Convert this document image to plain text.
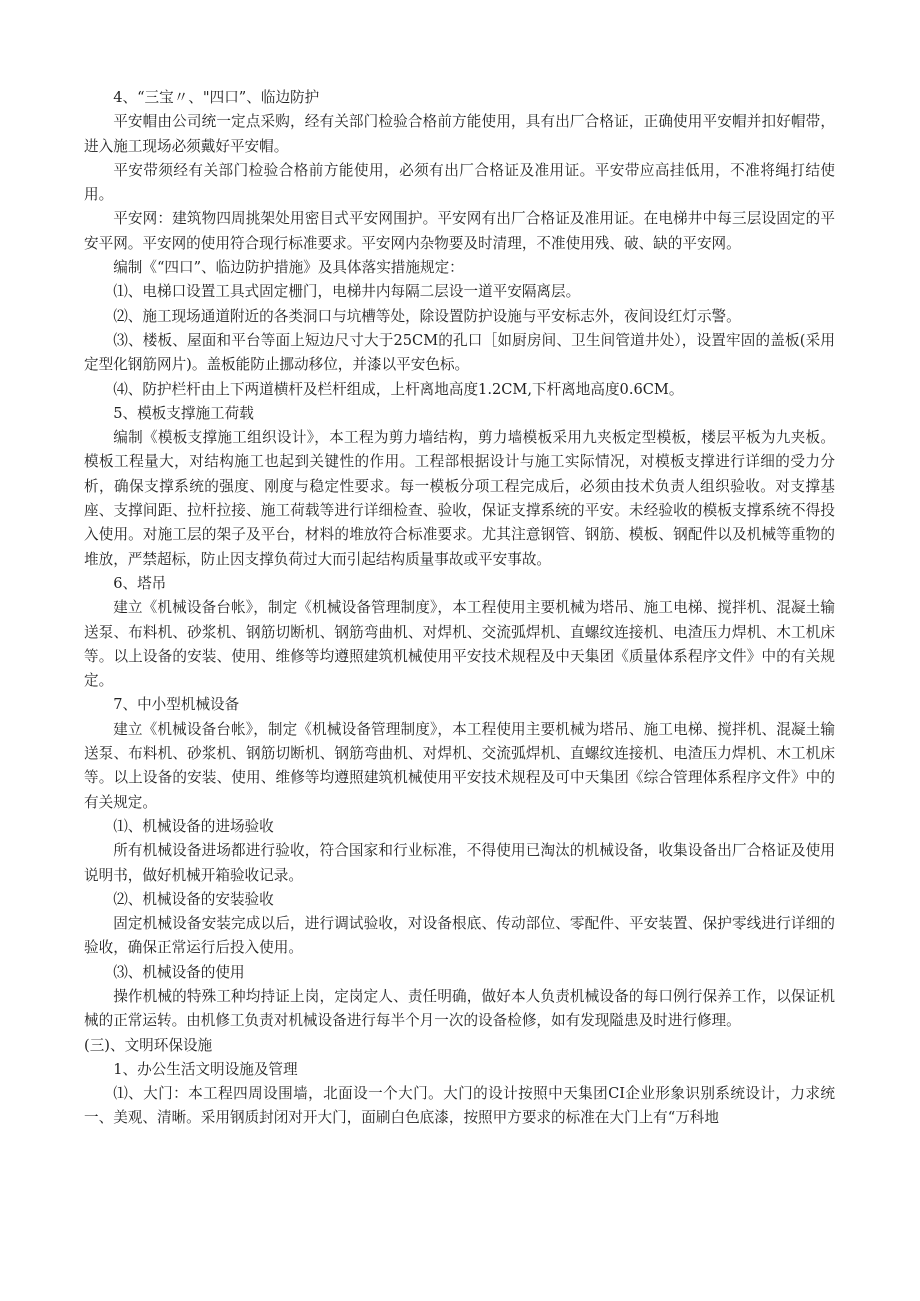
4、“三宝〃、"四口”、临边防护

平安帽由公司统一定点采购，经有关部门检验合格前方能使用，具有出厂合格证，正确使用平安帽并扣好帽带，进入施工现场必须戴好平安帽。

平安带须经有关部门检验合格前方能使用，必须有出厂合格证及准用证。平安带应高挂低用，不准将绳打结使用。

平安网：建筑物四周挑架处用密目式平安网围护。平安网有出厂合格证及准用证。在电梯井中每三层设固定的平安平网。平安网的使用符合现行标准要求。平安网内杂物要及时清理，不准使用残、破、缺的平安网。

编制《“四口”、临边防护措施》及具体落实措施规定：

⑴、电梯口设置工具式固定栅门，电梯井内每隔二层设一道平安隔离层。

⑵、施工现场通道附近的各类洞口与坑槽等处，除设置防护设施与平安标志外，夜间设红灯示警。

⑶、楼板、屋面和平台等面上短边尺寸大于25CM的孔口［如厨房间、卫生间管道井处），设置牢固的盖板(采用定型化钢筋网片)。盖板能防止挪动移位，并漆以平安色标。

⑷、防护栏杆由上下两道横杆及栏杆组成，上杆离地高度1.2CM,下杆离地高度0.6CM。

5、模板支撑施工荷载

编制《模板支撑施工组织设计》，本工程为剪力墙结构，剪力墙模板采用九夹板定型模板，楼层平板为九夹板。模板工程量大，对结构施工也起到关键性的作用。工程部根据设计与施工实际情况，对模板支撑进行详细的受力分析，确保支撑系统的强度、刚度与稳定性要求。每一模板分项工程完成后，必须由技术负责人组织验收。对支撑基座、支撑间距、拉杆拉接、施工荷载等进行详细检查、验收，保证支撑系统的平安。未经验收的模板支撑系统不得投入使用。对施工层的架子及平台，材料的堆放符合标准要求。尤其注意钢管、钢筋、模板、钢配件以及机械等重物的堆放，严禁超标，防止因支撑负荷过大而引起结构质量事故或平安事故。

6、塔吊

建立《机械设备台帐》，制定《机械设备管理制度》，本工程使用主要机械为塔吊、施工电梯、搅拌机、混凝土输送泵、布料机、砂浆机、钢筋切断机、钢筋弯曲机、对焊机、交流弧焊机、直螺纹连接机、电渣压力焊机、木工机床等。以上设备的安装、使用、维修等均遵照建筑机械使用平安技术规程及中天集团《质量体系程序文件》中的有关规定。

7、中小型机械设备

建立《机械设备台帐》，制定《机械设备管理制度》，本工程使用主要机械为塔吊、施工电梯、搅拌机、混凝土输送泵、布料机、砂浆机、钢筋切断机、钢筋弯曲机、对焊机、交流弧焊机、直螺纹连接机、电渣压力焊机、木工机床等。以上设备的安装、使用、维修等均遵照建筑机械使用平安技术规程及可中天集团《综合管理体系程序文件》中的有关规定。

⑴、机械设备的进场验收

所有机械设备进场都进行验收，符合国家和行业标准，不得使用已淘汰的机械设备，收集设备出厂合格证及使用说明书，做好机械开箱验收记录。

⑵、机械设备的安装验收

固定机械设备安装完成以后，进行调试验收，对设备根底、传动部位、零配件、平安装置、保护零线进行详细的验收，确保正常运行后投入使用。

⑶、机械设备的使用

操作机械的特殊工种均持证上岗，定岗定人、责任明确，做好本人负责机械设备的每口例行保养工作，以保证机械的正常运转。由机修工负责对机械设备进行每半个月一次的设备检修，如有发现隘患及时进行修理。

(三)、文明环保设施

1、办公生活文明设施及管理

⑴、大门：本工程四周设围墙，北面设一个大门。大门的设计按照中天集团CI企业形象识别系统设计，力求统一、美观、清晰。采用钢质封闭对开大门，面刷白色底漆，按照甲方要求的标准在大门上有“万科地
